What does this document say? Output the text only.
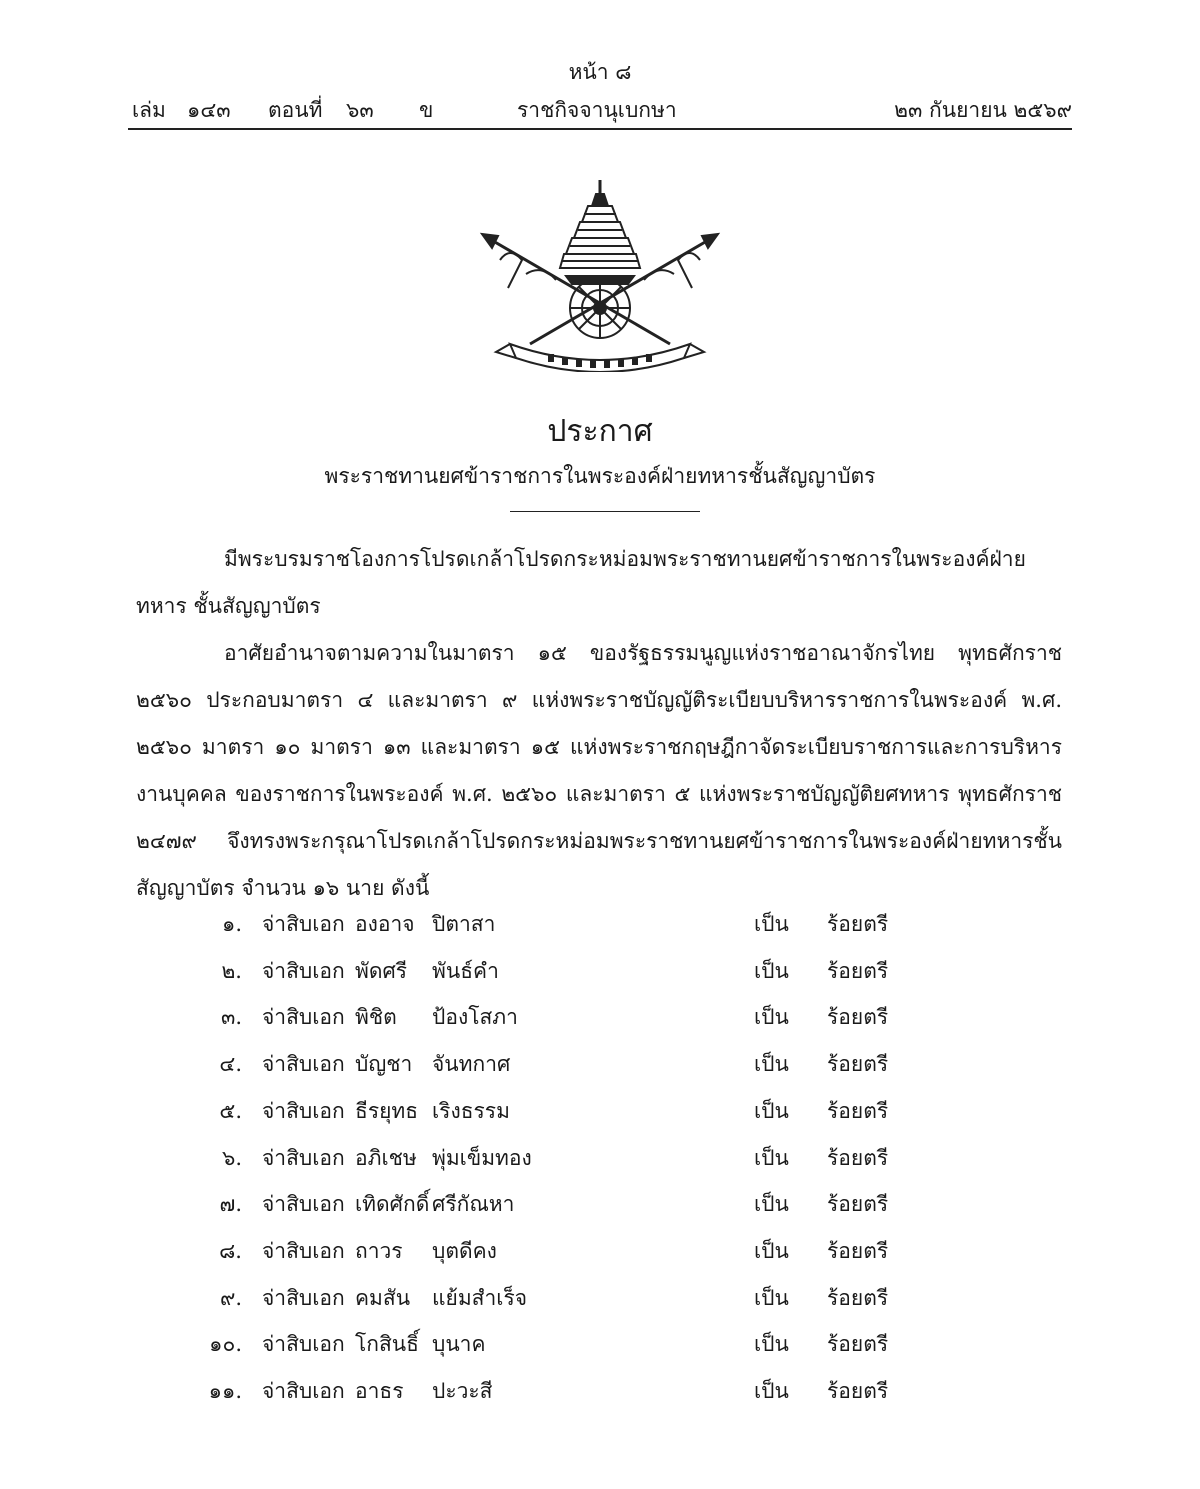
หน้า ๘
เล่ม ๑๔๓ ตอนที่ ๖๓ ข	ราชกิจจานุเบกษา	๒๓ กันยายน ๒๕๖๙
ประกาศ
พระราชทานยศข้าราชการในพระองค์ฝ่ายทหารชั้นสัญญาบัตร
มีพระบรมราชโองการโปรดเกล้าโปรดกระหม่อมพระราชทานยศข้าราชการในพระองค์ฝ่ายทหาร ชั้นสัญญาบัตร
อาศัยอำนาจตามความในมาตรา ๑๕ ของรัฐธรรมนูญแห่งราชอาณาจักรไทย พุทธศักราช ๒๕๖๐ ประกอบมาตรา ๔ และมาตรา ๙ แห่งพระราชบัญญัติระเบียบบริหารราชการในพระองค์ พ.ศ. ๒๕๖๐ มาตรา ๑๐ มาตรา ๑๓ และมาตรา ๑๕ แห่งพระราชกฤษฎีกาจัดระเบียบราชการและการบริหารงานบุคคล ของราชการในพระองค์ พ.ศ. ๒๕๖๐ และมาตรา ๕ แห่งพระราชบัญญัติยศทหาร พุทธศักราช ๒๔๗๙ จึงทรงพระกรุณาโปรดเกล้าโปรดกระหม่อมพระราชทานยศข้าราชการในพระองค์ฝ่ายทหารชั้นสัญญาบัตร จำนวน ๑๖ นาย ดังนี้
๑. จ่าสิบเอก องอาจ ปิตาสา	เป็น ร้อยตรี
๒. จ่าสิบเอก พัดศรี พันธ์คำ	เป็น ร้อยตรี
๓. จ่าสิบเอก พิชิต ป้องโสภา	เป็น ร้อยตรี
๔. จ่าสิบเอก บัญชา จันทกาศ	เป็น ร้อยตรี
๕. จ่าสิบเอก ธีรยุทธ เริงธรรม	เป็น ร้อยตรี
๖. จ่าสิบเอก อภิเชษ พุ่มเข็มทอง	เป็น ร้อยตรี
๗. จ่าสิบเอก เทิดศักดิ์ ศรีกัณหา	เป็น ร้อยตรี
๘. จ่าสิบเอก ถาวร บุตดีคง	เป็น ร้อยตรี
๙. จ่าสิบเอก คมสัน แย้มสำเร็จ	เป็น ร้อยตรี
๑๐. จ่าสิบเอก โกสินธิ์ บุนาค	เป็น ร้อยตรี
๑๑. จ่าสิบเอก อาธร ปะวะสี	เป็น ร้อยตรี
